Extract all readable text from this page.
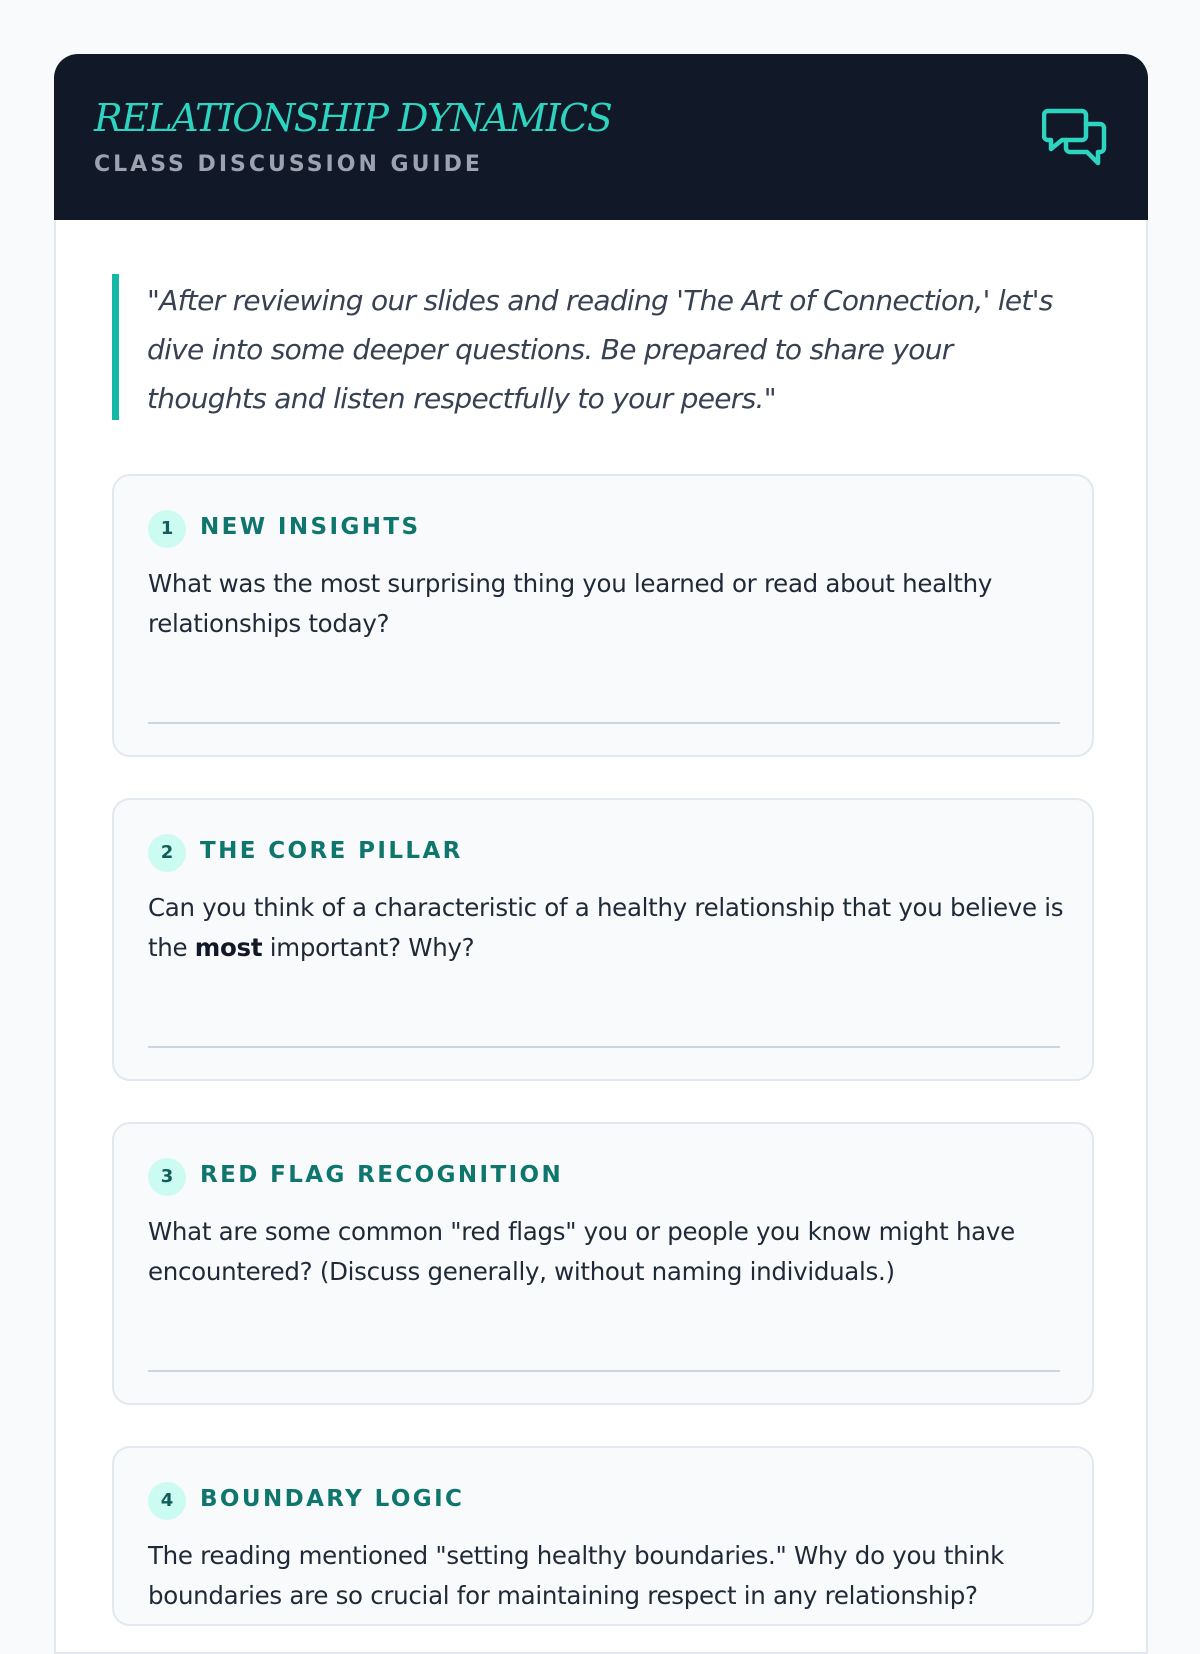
RELATIONSHIP DYNAMICS
CLASS DISCUSSION GUIDE
"After reviewing our slides and reading 'The Art of Connection,' let's dive into some deeper questions. Be prepared to share your thoughts and listen respectfully to your peers."
1	NEW INSIGHTS
What was the most surprising thing you learned or read about healthy relationships today?
2	THE CORE PILLAR
Can you think of a characteristic of a healthy relationship that you believe is the most important? Why?
3	RED FLAG RECOGNITION
What are some common "red flags" you or people you know might have encountered? (Discuss generally, without naming individuals.)
4	BOUNDARY LOGIC
The reading mentioned "setting healthy boundaries." Why do you think boundaries are so crucial for maintaining respect in any relationship?
